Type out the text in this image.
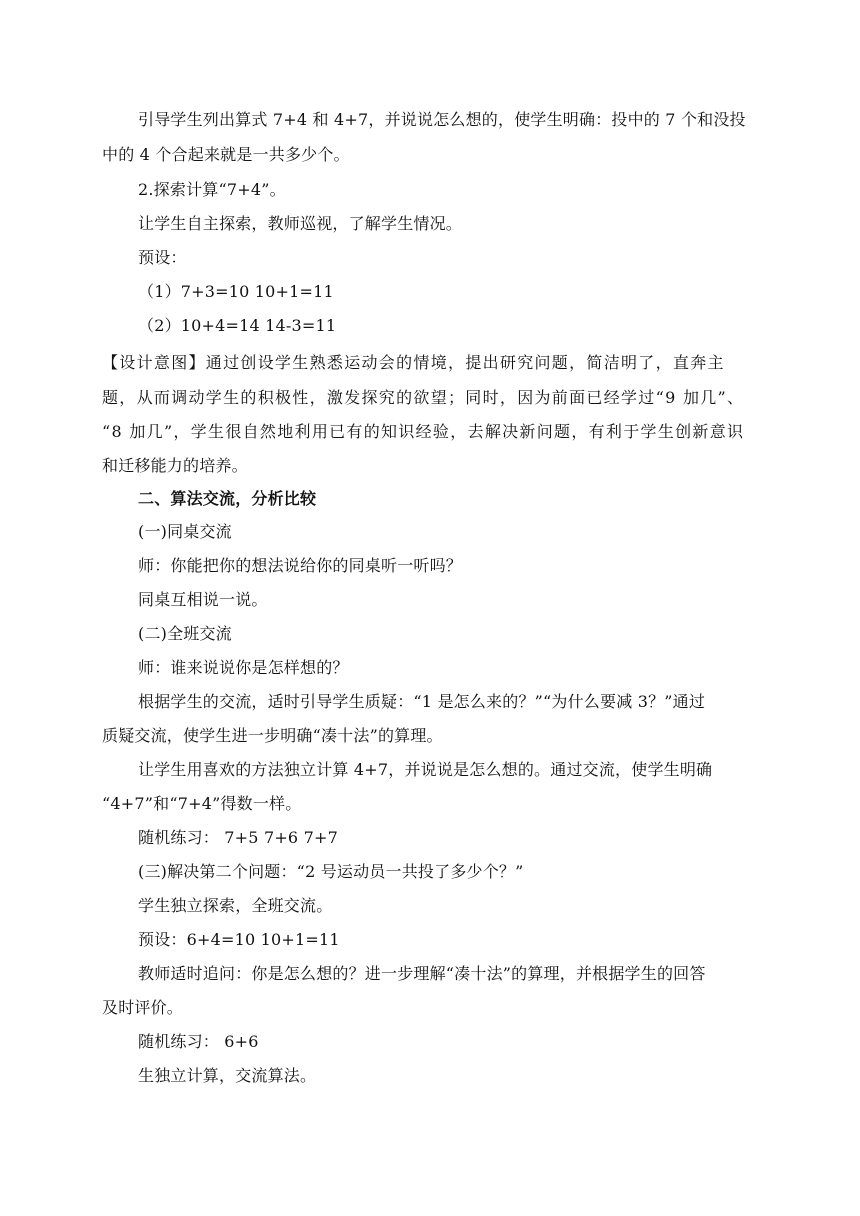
引导学生列出算式 7+4 和 4+7，并说说怎么想的，使学生明确：投中的 7 个和没投

中的 4 个合起来就是一共多少个。

2.探索计算“7+4”。

让学生自主探索，教师巡视，了解学生情况。

预设：

（1）7+3=10 10+1=11

（2）10+4=14 14-3=11

【设计意图】通过创设学生熟悉运动会的情境，提出研究问题，简洁明了，直奔主

题，从而调动学生的积极性，激发探究的欲望；同时，因为前面已经学过“9 加几”、

“8 加几”，学生很自然地利用已有的知识经验，去解决新问题，有利于学生创新意识

和迁移能力的培养。

二、算法交流，分析比较

(一)同桌交流

师：你能把你的想法说给你的同桌听一听吗？

同桌互相说一说。

(二)全班交流

师：谁来说说你是怎样想的？

根据学生的交流，适时引导学生质疑：“1 是怎么来的？”“为什么要减 3？”通过

质疑交流，使学生进一步明确“凑十法”的算理。

让学生用喜欢的方法独立计算 4+7，并说说是怎么想的。通过交流，使学生明确

“4+7”和“7+4”得数一样。

随机练习： 7+5 7+6 7+7

(三)解决第二个问题：“2 号运动员一共投了多少个？”

学生独立探索，全班交流。

预设：6+4=10 10+1=11

教师适时追问：你是怎么想的？进一步理解“凑十法”的算理，并根据学生的回答

及时评价。

随机练习： 6+6

生独立计算，交流算法。
